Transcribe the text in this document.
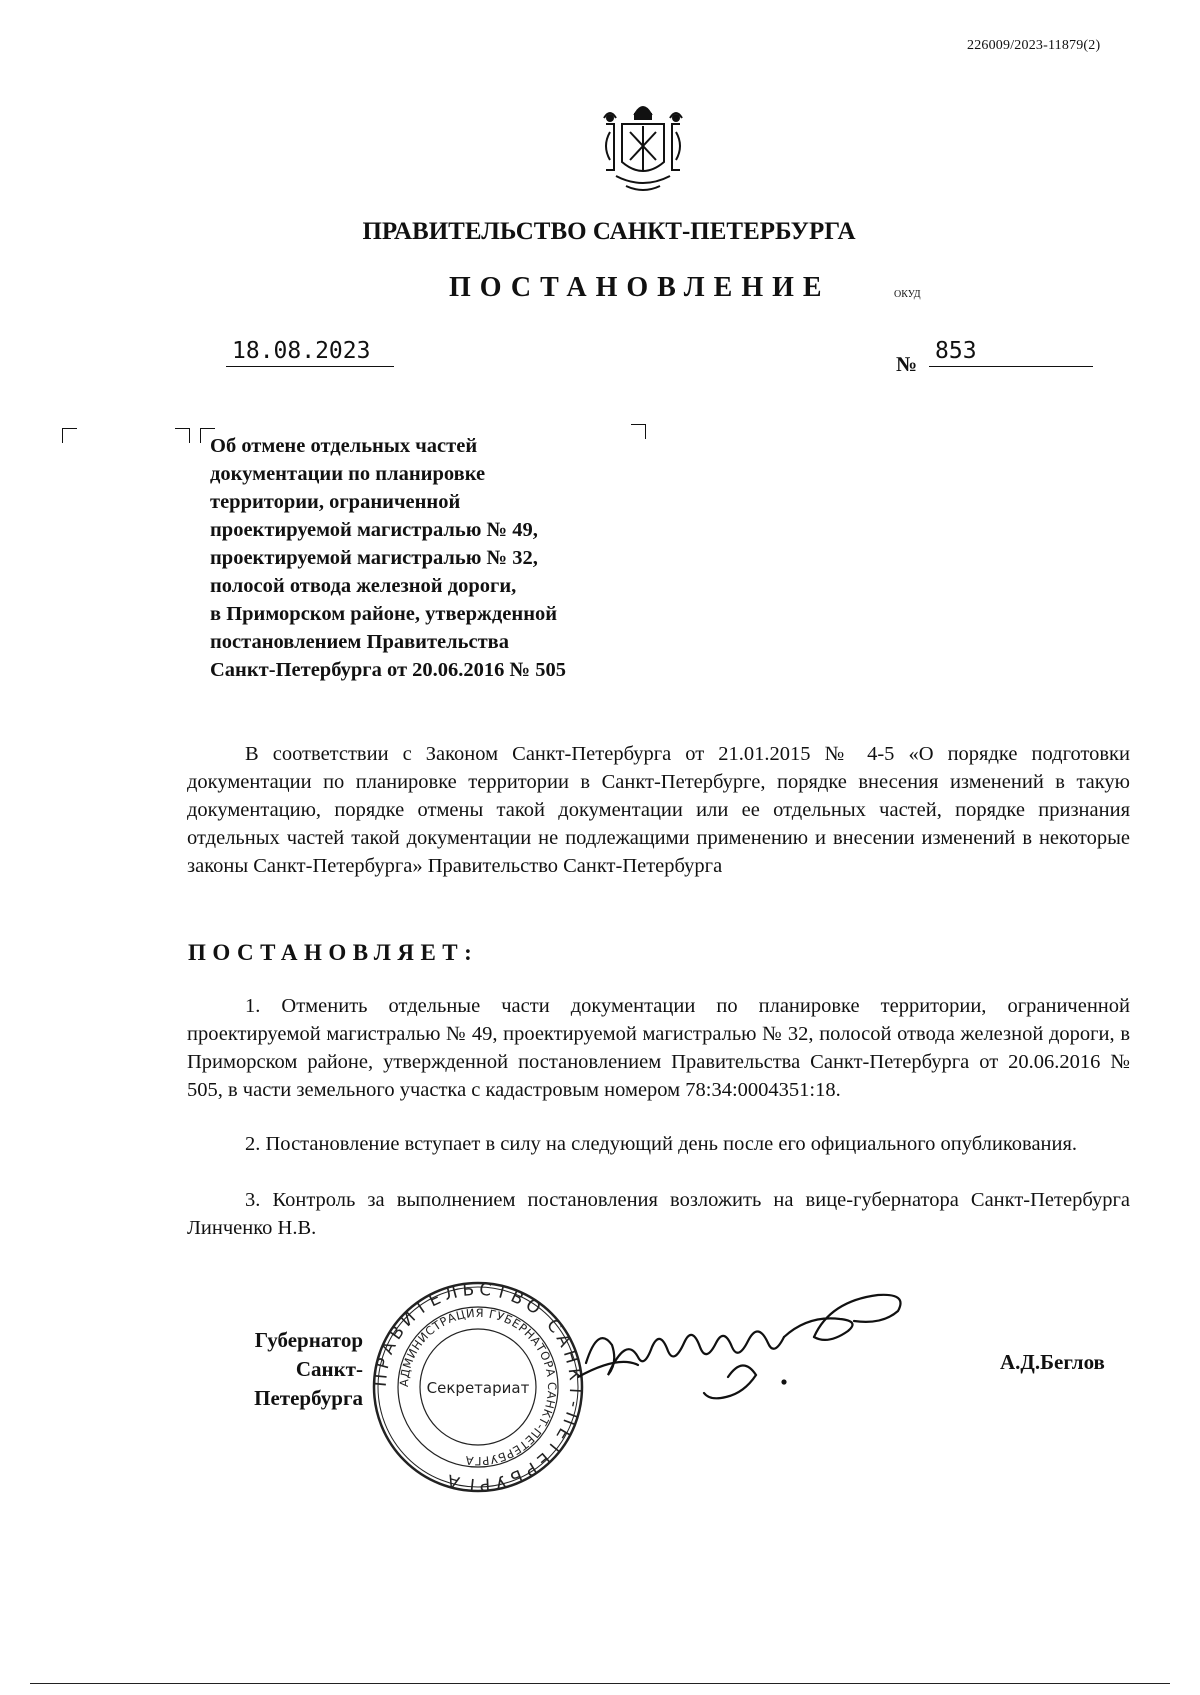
226009/2023-11879(2)
ПРАВИТЕЛЬСТВО САНКТ-ПЕТЕРБУРГА
ПОСТАНОВЛЕНИЕ	ОКУД
18.08.2023	№ 853
Об отмене отдельных частей
документации по планировке
территории, ограниченной
проектируемой магистралью № 49,
проектируемой магистралью № 32,
полосой отвода железной дороги,
в Приморском районе, утвержденной
постановлением Правительства
Санкт-Петербурга от 20.06.2016 № 505
В соответствии с Законом Санкт-Петербурга от 21.01.2015 № 4-5 «О порядке подготовки документации по планировке территории в Санкт-Петербурге, порядке внесения изменений в такую документацию, порядке отмены такой документации или ее отдельных частей, порядке признания отдельных частей такой документации не подлежащими применению и внесении изменений в некоторые законы Санкт-Петербурга» Правительство Санкт-Петербурга
ПОСТАНОВЛЯЕТ:
1. Отменить отдельные части документации по планировке территории, ограниченной проектируемой магистралью № 49, проектируемой магистралью № 32, полосой отвода железной дороги, в Приморском районе, утвержденной постановлением Правительства Санкт-Петербурга от 20.06.2016 № 505, в части земельного участка с кадастровым номером 78:34:0004351:18.
2. Постановление вступает в силу на следующий день после его официального опубликования.
3. Контроль за выполнением постановления возложить на вице-губернатора Санкт-Петербурга Линченко Н.В.
Губернатор
Санкт-Петербурга
ПРАВИТЕЛЬСТВО САНКТ-ПЕТЕРБУРГА
АДМИНИСТРАЦИЯ ГУБЕРНАТОРА САНКТ-ПЕТЕРБУРГА
Секретариат
А.Д.Беглов
